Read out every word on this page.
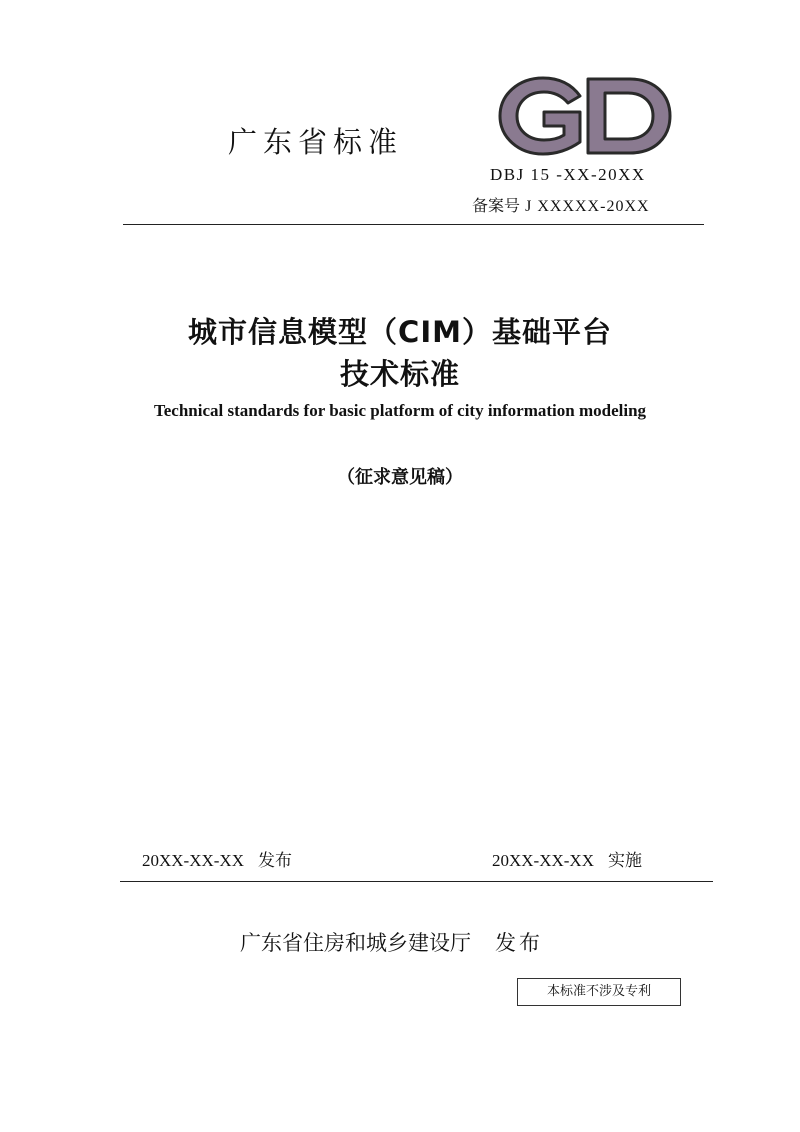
广东省标准
DBJ 15 -XX-20XX
备案号 J XXXXX-20XX
城市信息模型（CIM）基础平台
技术标准
Technical standards for basic platform of city information modeling
（征求意见稿）
20XX-XX-XX 发布	20XX-XX-XX 实施
广东省住房和城乡建设厅 发布
本标准不涉及专利
